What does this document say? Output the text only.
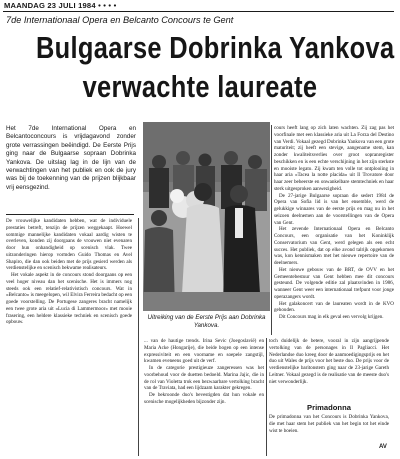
MAANDAG 23 JULI 1984 • • • •
7de Internationaal Opera en Belcanto Concours te Gent
Bulgaarse Dobrinka Yankova
verwachte laureate
Het 7de International Opera en Belcantoconcours is vrijdagavond zonder grote verrassingen beëindigd. De Eerste Prijs ging naar de Bulgaarse sopraan Dobrinka Yankova. De uitslag lag in de lijn van de verwachtingen van het publiek en ook de jury was bij de toekenning van de prijzen blijkbaar vrij eensgezind.

De vrouwelijke kandidaten hebben, wat de individuele prestaties betreft, tenzijn de prijzen weggekaapt. Hoewel sommige mannelijke kandidaten vokaal aardig wisten te overleven, konden zij doorgaans de vrouwen niet evenaren door hun onhandigheid op scenisch vlak. Twee uitzonderingen hierop vormden Guido Thomas en Avel Shapiro, die dan ook beiden met de prijs gesierd werden als verdienstelijke en scenisch bekwame realisateurs.

Het vokale aspekt in de concours stond doorgaans op een veel hoger niveau dan het scenische. Het is immers nog steeds ook een relatief-relativistisch concours. Wat in «Belcanto» is meegelopen, wil Elvira Ferreira bedacht op een goede voorstelling. De Portugese zangeres bracht namelijk een twee grote aria uit «Lucia di Lammermoor» met mooie frasering, een heldere klassieke techniek en scenisch goede opbouw.

Uitreiking van de Eerste Prijs aan Dobrinka Yankova.

... van de hautige trends. Irina Sevic (Joegoslavië) en Maria Acke (Hongarije), die beide bogen op een intense expressiviteit en een voorname en soepele zangstijl, kwamen eveneens goed uit de verf.

In de categorie prestigieuze zangeressen was het voorbehoud voor de duetten bedoeld. Marina Jajic, die in de rol van Violetta trok een bezwaarbare vertolking bracht van de Traviata, had een lijdzaam karakter gekregen.

De bekroonde duo's bevestigden dat hun vokale en scenische mogelijkheden bijzonder zijn.

toch duidelijk de betere, vooral in zijn aangrijpende vertolking van de personages in Il Pagliacci. Het Nederlandse duo kreeg door de aanmoedigingsprijs en het duo uit Wales de prijs voor het beste duo. De prijs voor de verdienstelijke baritonstem ging naar de 23-jarige Gareth Leitner. Vokaal gezegd is de realisatie van de meeste duo's niet verwonderlijk.

Primadonna

De primadonna van het Concours is Dobrinka Yankova, die met haar stem het publiek van het begin tot het einde wist te boeien.

cours heeft lang op zich laten wachten. Zij zag pas het voorfinale met een klassieke aria uit La Forza del Destino van Verdi. Vokaal gezegd Dobrinka Yankova van een grote maturiteit; zij heeft een stevige, aangename stem, kan zonder kwaliteitsverlies over groot sopranregister beschikken en is een echte verschijning in het zijn sterkste en mooiste legato. Zij kwam ten volle tot ontplooiing in haar aria «Tacea la notte placida» uit Il Trovatore door haar zeer beheerste en onwankelbare stemtechniek en haar sterk uitgesproken aanwezigheid.

De 27-jarige Bulgaarse sopraan die sedert 1984 de Opera van Sofia lid is van het ensemble, werd de gelukkige winnares van de eerste prijs en mag nu in het seizoen deelnemen aan de voorstellingen van de Opera van Gent.

Het zevende Internationaal Opera en Belcanto Concours, een organisatie van het Koninklijk Conservatorium van Gent, werd gelegen als een echt succes. Het publiek, dat op elke avond talrijk opgekomen was, kon kennismaken met het nieuwe repertoire van de deelnemers.

Het nieuwe gebouw van de BRT, de OVV en het Gemeentebestuur van Gent hebben mee dit concours gesteund. De volgende editie zal plaatsvinden in 1986, wanneer Gent weer een internationaal trefpunt voor jonge operazangers wordt.

Het galakoncert van de laureaten wordt in de KVO gehouden.

Dit Concours mag in elk geval een vervolg krijgen.

AV
